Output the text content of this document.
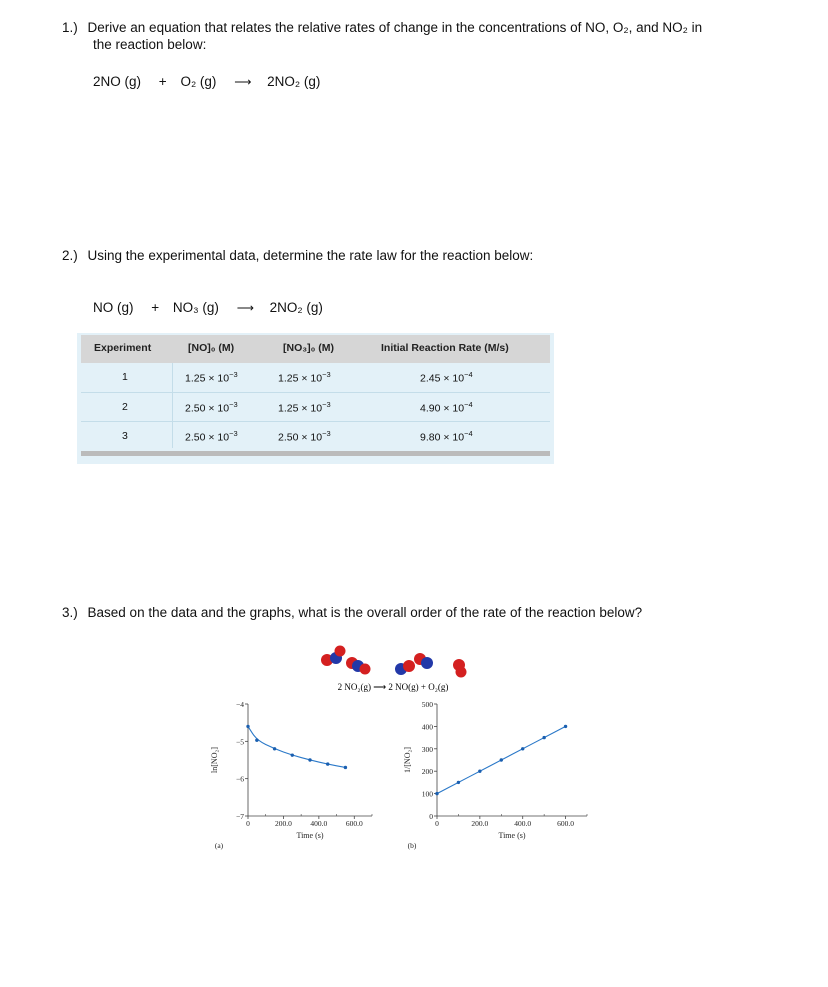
1.) Derive an equation that relates the relative rates of change in the concentrations of NO, O₂, and NO₂ in
the reaction below:
2NO (g) + O₂ (g) ⟶ 2NO₂ (g)
2.) Using the experimental data, determine the rate law for the reaction below:
NO (g) + NO₃ (g) ⟶ 2NO₂ (g)
Experiment	[NO]₀ (M)	[NO₃]₀ (M)	Initial Reaction Rate (M/s)
1	$1.25 \times 10^{-3}$	$1.25 \times 10^{-3}$	$2.45 \times 10^{-4}$
2	$2.50 \times 10^{-3}$	$1.25 \times 10^{-3}$	$4.90 \times 10^{-4}$
3	$2.50 \times 10^{-3}$	$2.50 \times 10^{-3}$	$9.80 \times 10^{-4}$
3.) Based on the data and the graphs, what is the overall order of the rate of the reaction below?
2 NO₂(g) ⟶ 2 NO(g) + O₂(g)
−4
−5
−6
−7
0	200.0 400.0 600.0
Time (s)
ln[NO₂]
(a)
0
100
200
300
400
500
0	200.0	400.0	600.0
Time (s)
1/[NO₂]
(b)
